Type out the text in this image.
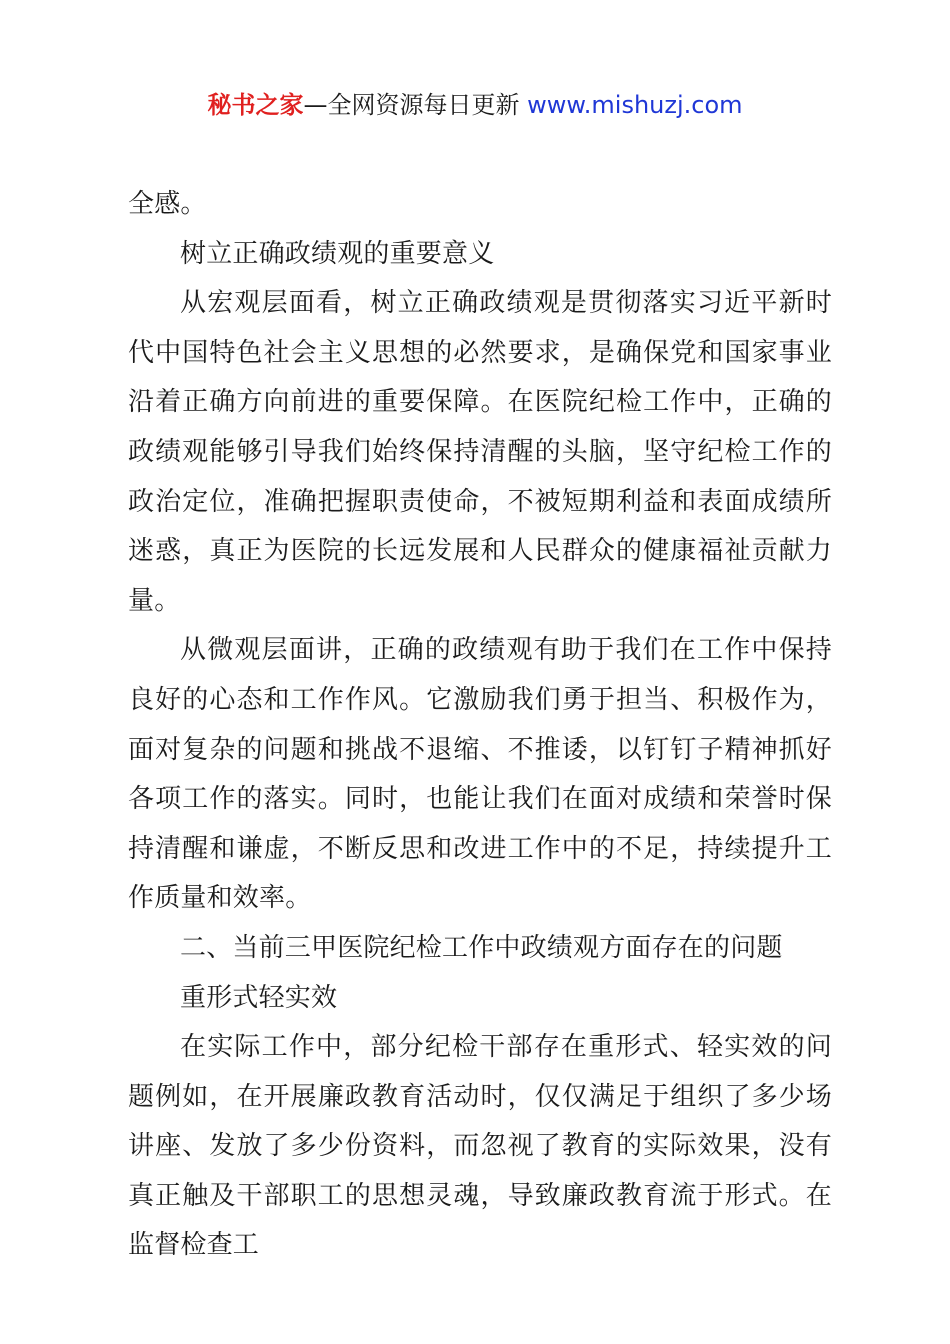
秘书之家—全网资源每日更新 www.mishuzj.com

全感。

树立正确政绩观的重要意义

从宏观层面看，树立正确政绩观是贯彻落实习近平新时代中国特色社会主义思想的必然要求，是确保党和国家事业沿着正确方向前进的重要保障。在医院纪检工作中，正确的政绩观能够引导我们始终保持清醒的头脑，坚守纪检工作的政治定位，准确把握职责使命，不被短期利益和表面成绩所迷惑，真正为医院的长远发展和人民群众的健康福祉贡献力量。

从微观层面讲，正确的政绩观有助于我们在工作中保持良好的心态和工作作风。它激励我们勇于担当、积极作为，面对复杂的问题和挑战不退缩、不推诿，以钉钉子精神抓好各项工作的落实。同时，也能让我们在面对成绩和荣誉时保持清醒和谦虚，不断反思和改进工作中的不足，持续提升工作质量和效率。

二、当前三甲医院纪检工作中政绩观方面存在的问题

重形式轻实效

在实际工作中，部分纪检干部存在重形式、轻实效的问题例如，在开展廉政教育活动时，仅仅满足于组织了多少场讲座、发放了多少份资料，而忽视了教育的实际效果，没有真正触及干部职工的思想灵魂，导致廉政教育流于形式。在监督检查工
